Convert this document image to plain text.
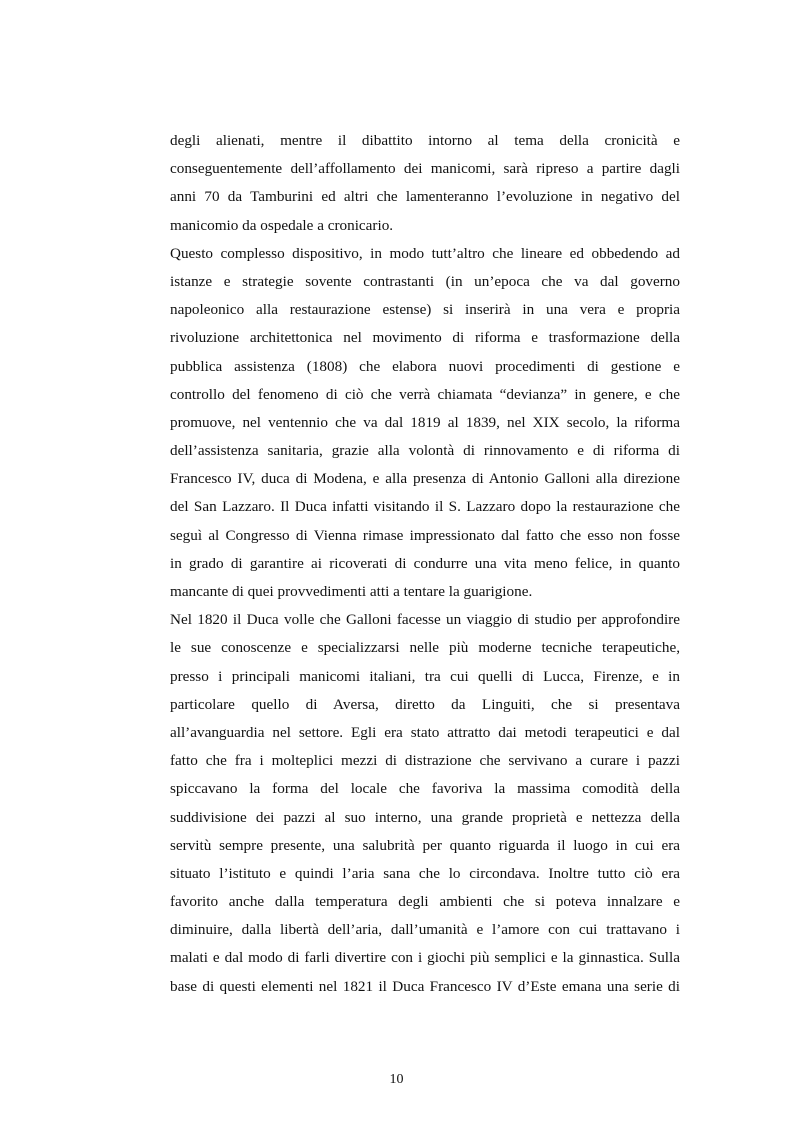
degli alienati, mentre il dibattito intorno al tema della cronicità e
conseguentemente dell’affollamento dei manicomi, sarà ripreso a partire dagli
anni 70 da Tamburini ed altri che lamenteranno l’evoluzione in negativo del
manicomio da ospedale a cronicario.
Questo complesso dispositivo, in modo tutt’altro che lineare ed obbedendo ad
istanze e strategie sovente contrastanti (in un’epoca che va dal governo
napoleonico alla restaurazione estense) si inserirà in una vera e propria
rivoluzione architettonica nel movimento di riforma e trasformazione della
pubblica assistenza (1808) che elabora nuovi procedimenti di gestione e
controllo del fenomeno di ciò che verrà chiamata “devianza” in genere, e che
promuove, nel ventennio che va dal 1819 al 1839, nel XIX secolo, la riforma
dell’assistenza sanitaria, grazie alla volontà di rinnovamento e di riforma di
Francesco IV, duca di Modena, e alla presenza di Antonio Galloni alla direzione
del San Lazzaro. Il Duca infatti visitando il S. Lazzaro dopo la restaurazione che
seguì al Congresso di Vienna rimase impressionato dal fatto che esso non fosse
in grado di garantire ai ricoverati di condurre una vita meno felice, in quanto
mancante di quei provvedimenti atti a tentare la guarigione.
Nel 1820 il Duca volle che Galloni facesse un viaggio di studio per approfondire
le sue conoscenze e specializzarsi nelle più moderne tecniche terapeutiche,
presso i principali manicomi italiani, tra cui quelli di Lucca, Firenze, e in
particolare quello di Aversa, diretto da Linguiti, che si presentava
all’avanguardia nel settore. Egli era stato attratto dai metodi terapeutici e dal
fatto che fra i molteplici mezzi di distrazione che servivano a curare i pazzi
spiccavano la forma del locale che favoriva la massima comodità della
suddivisione dei pazzi al suo interno, una grande proprietà e nettezza della
servitù sempre presente, una salubrità per quanto riguarda il luogo in cui era
situato l’istituto e quindi l’aria sana che lo circondava. Inoltre tutto ciò era
favorito anche dalla temperatura degli ambienti che si poteva innalzare e
diminuire, dalla libertà dell’aria, dall’umanità e l’amore con cui trattavano i
malati e dal modo di farli divertire con i giochi più semplici e la ginnastica. Sulla
base di questi elementi nel 1821 il Duca Francesco IV d’Este emana una serie di
10
